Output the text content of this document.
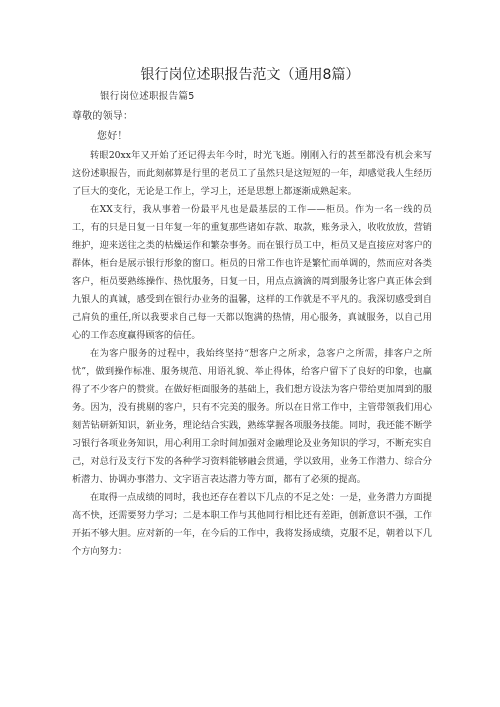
银行岗位述职报告范文（通用8篇）
银行岗位述职报告篇5
尊敬的领导：
您好！

转眼20xx年又开始了还记得去年今时，时光飞逝。刚刚入行的甚至都没有机会来写这份述职报告，而此刻郝算是行里的老员工了虽然只是这短短的一年，却感觉我人生经历了巨大的变化，无论是工作上，学习上，还是思想上都逐渐成熟起来。

在XX支行，我从事着一份最平凡也是最基层的工作——柜员。作为一名一线的员工，有的只是日复一日年复一年的重复那些诸如存款、取款，账务录入，收收放放，营销维护，迎来送往之类的枯燥运作和繁杂事务。而在银行员工中，柜员又是直接应对客户的群体，柜台是展示银行形象的窗口。柜员的日常工作也许是繁忙而单调的，然而应对各类客户，柜员要熟练操作、热忱服务，日复一日，用点点滴滴的周到服务让客户真正体会到九银人的真诚，感受到在银行办业务的温馨，这样的工作就是不平凡的。我深切感受到自己肩负的重任,所以我要求自己每一天都以饱满的热情，用心服务，真诚服务，以自己用心的工作态度赢得顾客的信任。

在为客户服务的过程中，我始终坚持“想客户之所求，急客户之所需，排客户之所忧”，做到操作标准、服务规范、用语礼貌、举止得体，给客户留下了良好的印象，也赢得了不少客户的赞赏。在做好柜面服务的基础上，我们想方设法为客户带给更加周到的服务。因为，没有挑剔的客户，只有不完美的服务。所以在日常工作中，主管带领我们用心刻苦钻研新知识，新业务，理论结合实践，熟练掌握各项服务技能。同时，我还能不断学习银行各项业务知识，用心利用工余时间加强对金融理论及业务知识的学习，不断充实自己，对总行及支行下发的各种学习资料能够融会贯通，学以致用，业务工作潜力、综合分析潜力、协调办事潜力、文字语言表达潜力等方面，都有了必须的提高。

在取得一点成绩的同时，我也还存在着以下几点的不足之处：一是，业务潜力方面提高不快，还需要努力学习；二是本职工作与其他同行相比还有差距，创新意识不强，工作开拓不够大胆。应对新的一年，在今后的工作中，我将发扬成绩，克服不足，朝着以下几个方向努力：
